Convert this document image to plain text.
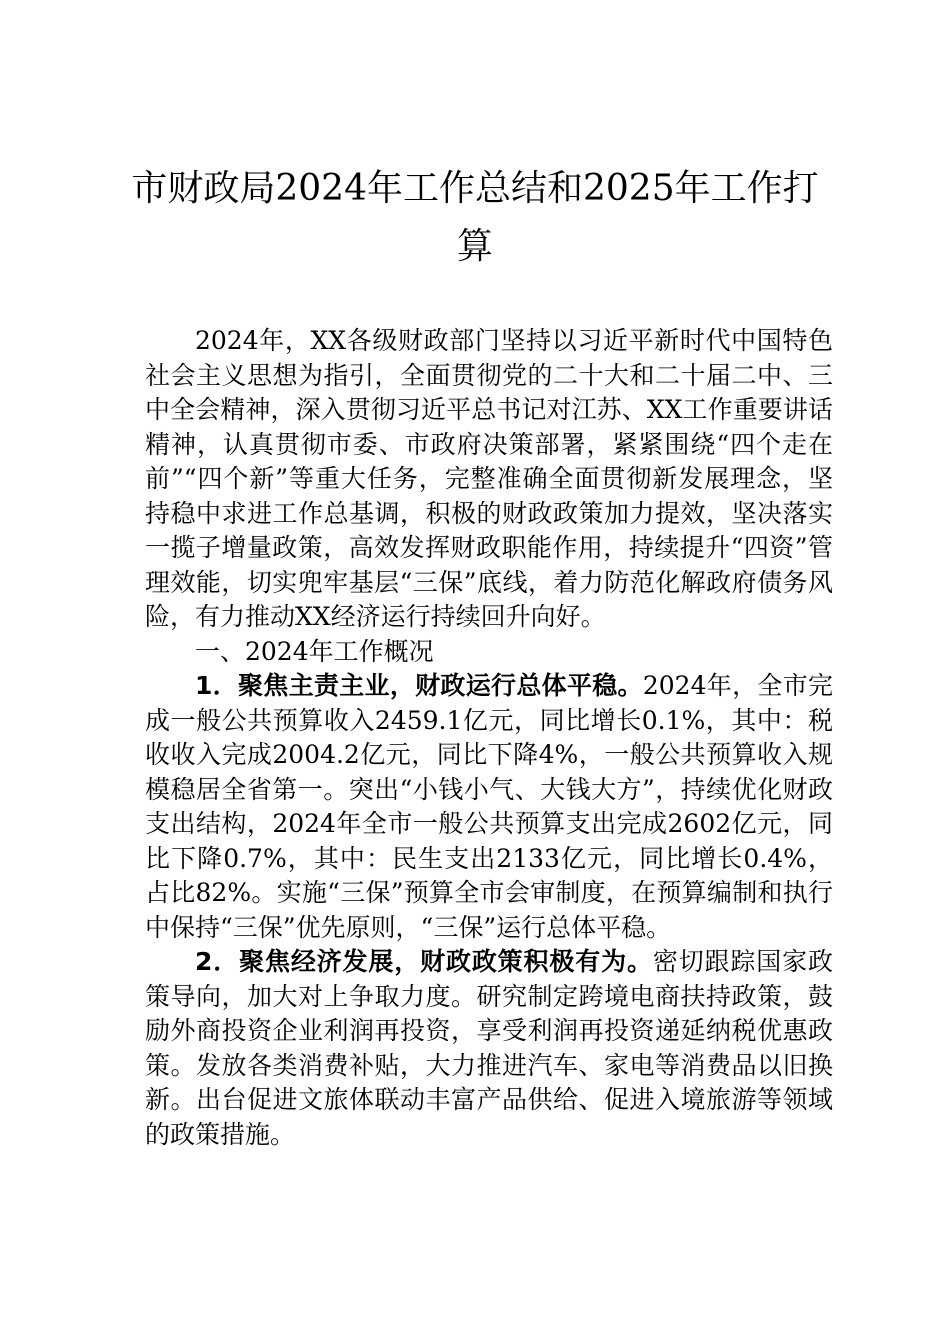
市财政局2024年工作总结和2025年工作打算

2024年，XX各级财政部门坚持以习近平新时代中国特色社会主义思想为指引，全面贯彻党的二十大和二十届二中、三中全会精神，深入贯彻习近平总书记对江苏、XX工作重要讲话精神，认真贯彻市委、市政府决策部署，紧紧围绕“四个走在前”“四个新”等重大任务，完整准确全面贯彻新发展理念，坚持稳中求进工作总基调，积极的财政政策加力提效，坚决落实一揽子增量政策，高效发挥财政职能作用，持续提升“四资”管理效能，切实兜牢基层“三保”底线，着力防范化解政府债务风险，有力推动XX经济运行持续回升向好。

一、2024年工作概况

1．聚焦主责主业，财政运行总体平稳。2024年，全市完成一般公共预算收入2459.1亿元，同比增长0.1%，其中：税收收入完成2004.2亿元，同比下降4%，一般公共预算收入规模稳居全省第一。突出“小钱小气、大钱大方”，持续优化财政支出结构，2024年全市一般公共预算支出完成2602亿元，同比下降0.7%，其中：民生支出2133亿元，同比增长0.4%，占比82%。实施“三保”预算全市会审制度，在预算编制和执行中保持“三保”优先原则，“三保”运行总体平稳。

2．聚焦经济发展，财政政策积极有为。密切跟踪国家政策导向，加大对上争取力度。研究制定跨境电商扶持政策，鼓励外商投资企业利润再投资，享受利润再投资递延纳税优惠政策。发放各类消费补贴，大力推进汽车、家电等消费品以旧换新。出台促进文旅体联动丰富产品供给、促进入境旅游等领域的政策措施。
